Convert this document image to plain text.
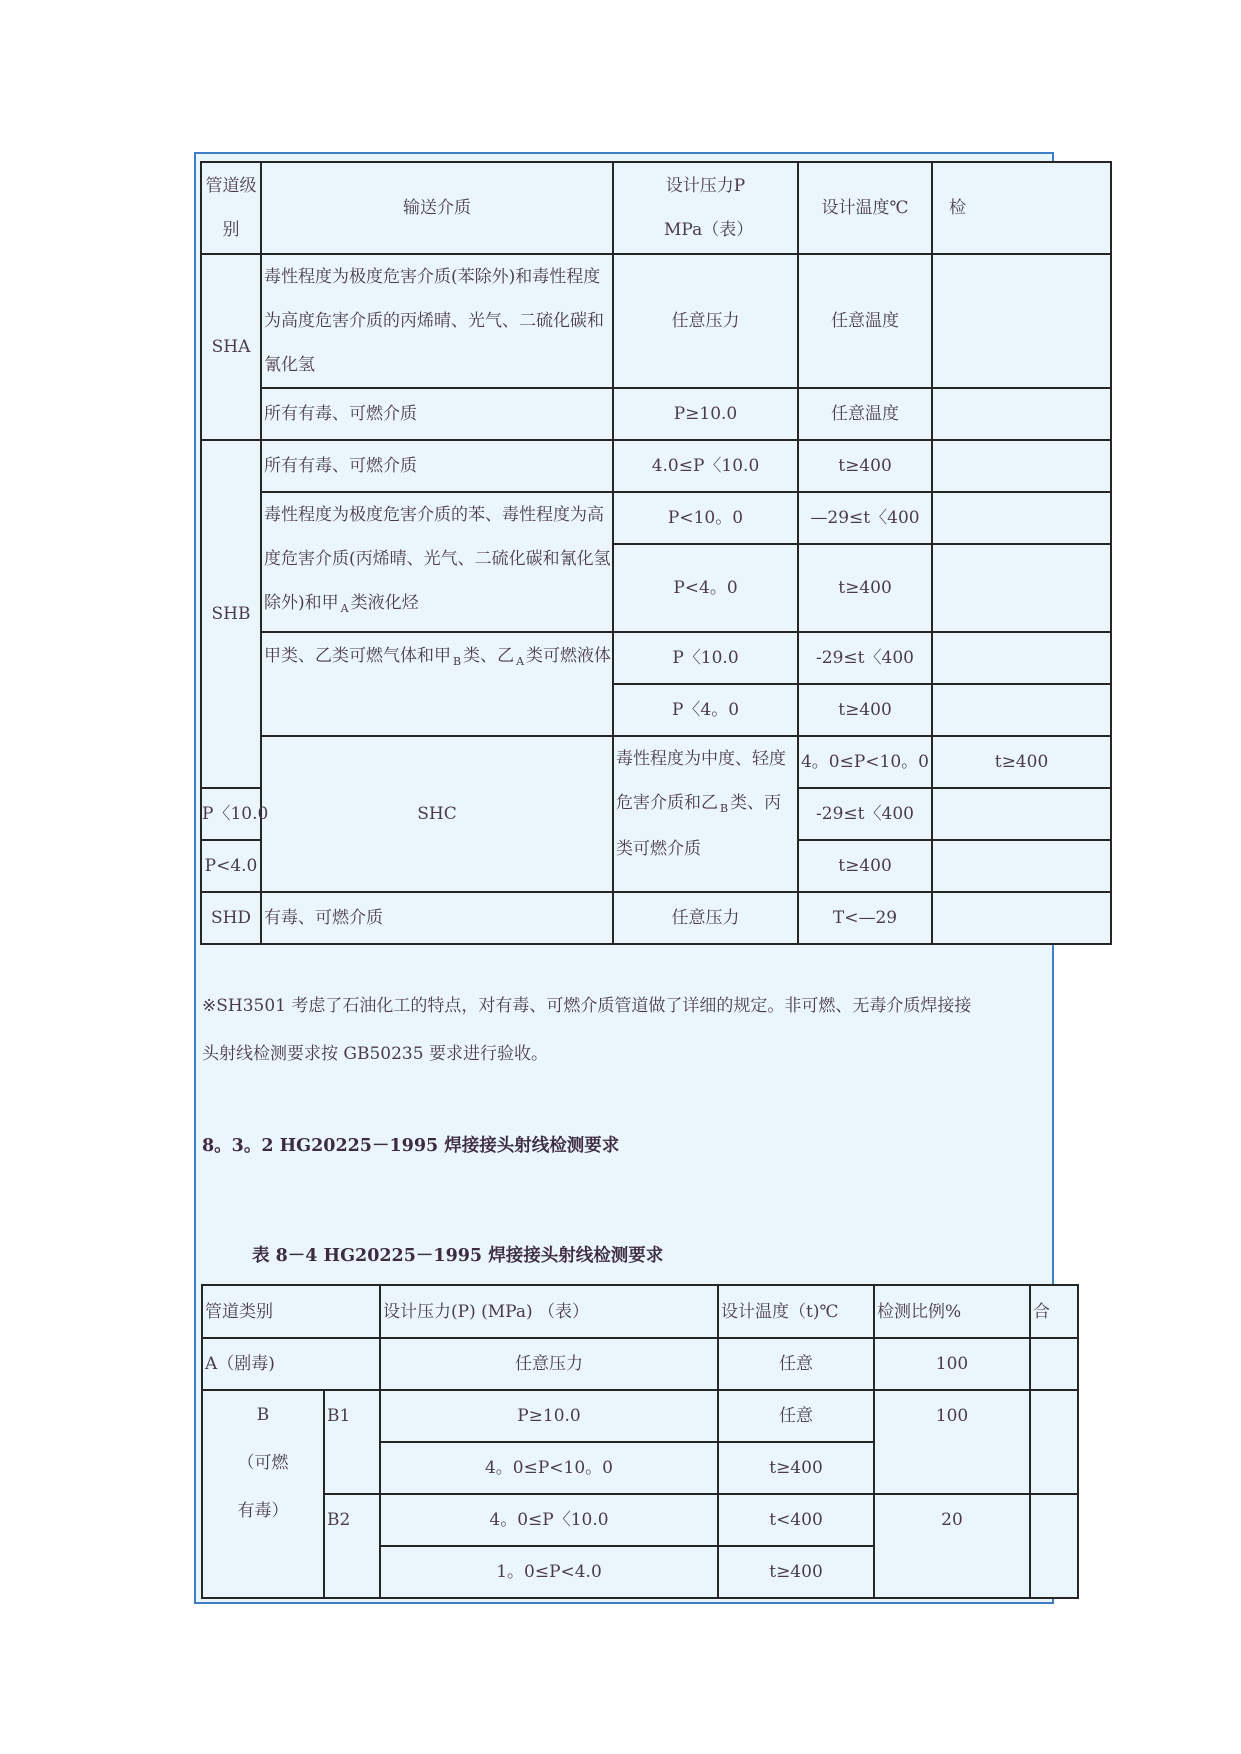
管道级别	输送介质	设计压力P MPa（表）	设计温度℃	检	
SHA	毒性程度为极度危害介质(苯除外)和毒性程度为高度危害介质的丙烯晴、光气、二硫化碳和氰化氢	任意压力	任意温度		
	所有有毒、可燃介质	P≥10.0	任意温度		
SHB	所有有毒、可燃介质	4.0≤P〈10.0	t≥400		
	毒性程度为极度危害介质的苯、毒性程度为高度危害介质(丙烯晴、光气、二硫化碳和氰化氢除外)和甲 $_A$ 类液化烃	P<10。0	—29≤t〈400		
		P<4。0	t≥400		
	甲类、乙类可燃气体和甲 $_B$ 类、乙 $_A$ 类可燃液体	P〈10.0	-29≤t〈400		
		P〈4。0	t≥400		
	SHC	毒性程度为中度、轻度危害介质和乙 $_B$ 类、丙类可燃介质	4。0≤P<10。0	t≥400	
P〈10.0			-29≤t〈400		
P<4.0			t≥400		
SHD	有毒、可燃介质	任意压力	T<—29		
※SH3501 考虑了石油化工的特点，对有毒、可燃介质管道做了详细的规定。非可燃、无毒介质焊接接
头射线检测要求按 GB50235 要求进行验收。
8。3。2 HG20225－1995 焊接接头射线检测要求
表 8－4 HG20225－1995 焊接接头射线检测要求
管道类别		设计压力(P) (MPa) （表）	设计温度（t)℃	检测比例%	合
A（剧毒)		任意压力	任意	100	

B
（可燃
有毒）	B1	P≥10.0	任意	100	
		4。0≤P<10。0	t≥400		
	B2	4。0≤P〈10.0	t<400	20	
		1。0≤P<4.0	t≥400		
